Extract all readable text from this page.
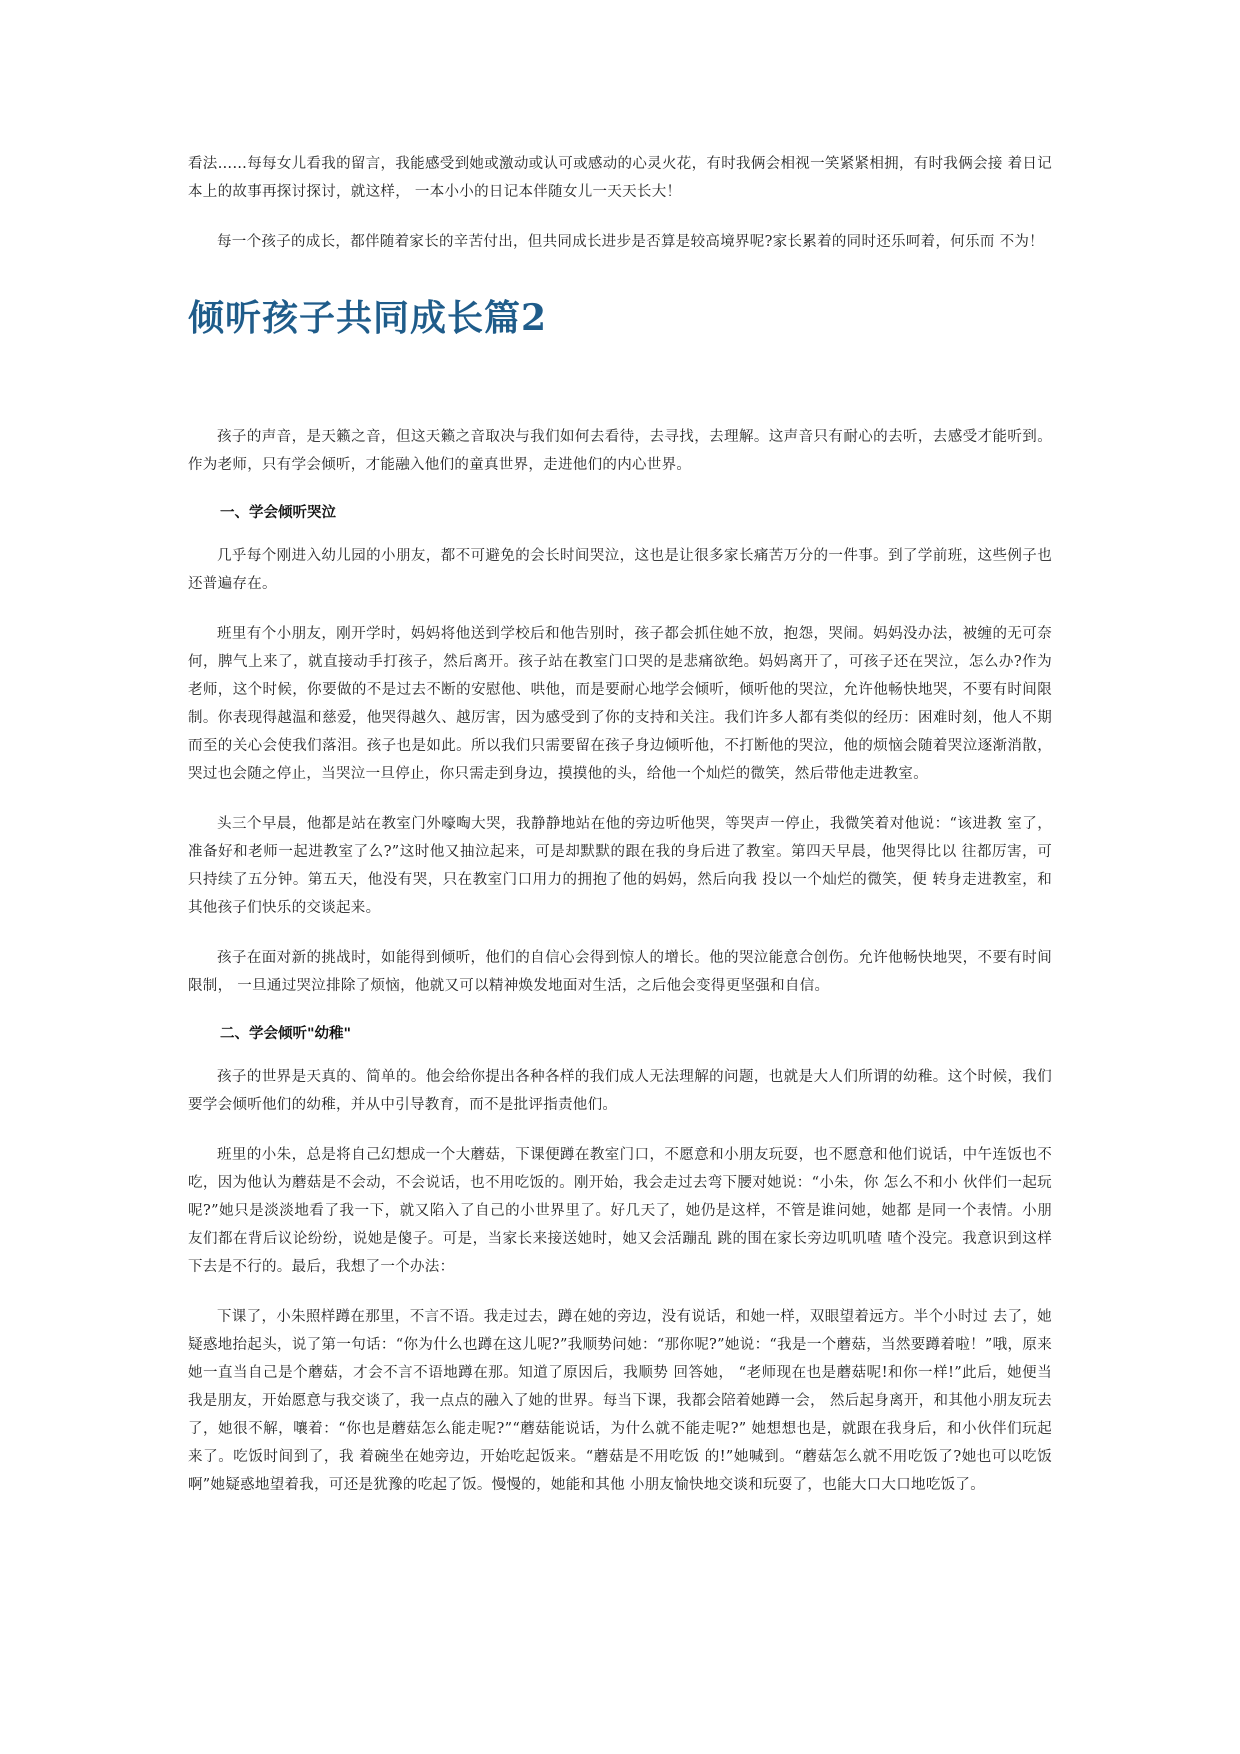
看法……每每女儿看我的留言，我能感受到她或激动或认可或感动的心灵火花，有时我俩会相视一笑紧紧相拥，有时我俩会接 着日记本上的故事再探讨探讨，就这样， 一本小小的日记本伴随女儿一天天长大！

每一个孩子的成长，都伴随着家长的辛苦付出，但共同成长进步是否算是较高境界呢?家长累着的同时还乐呵着，何乐而 不为！

倾听孩子共同成长篇2

孩子的声音，是天籁之音，但这天籁之音取决与我们如何去看待，去寻找，去理解。这声音只有耐心的去听，去感受才能听到。作为老师，只有学会倾听，才能融入他们的童真世界，走进他们的内心世界。

一、学会倾听哭泣

几乎每个刚进入幼儿园的小朋友，都不可避免的会长时间哭泣，这也是让很多家长痛苦万分的一件事。到了学前班，这些例子也还普遍存在。

班里有个小朋友，刚开学时，妈妈将他送到学校后和他告别时，孩子都会抓住她不放，抱怨，哭闹。妈妈没办法，被缠的无可奈何，脾气上来了，就直接动手打孩子，然后离开。孩子站在教室门口哭的是悲痛欲绝。妈妈离开了，可孩子还在哭泣，怎么办?作为老师，这个时候，你要做的不是过去不断的安慰他、哄他，而是要耐心地学会倾听，倾听他的哭泣，允许他畅快地哭，不要有时间限制。你表现得越温和慈爱，他哭得越久、越厉害，因为感受到了你的支持和关注。我们许多人都有类似的经历：困难时刻，他人不期而至的关心会使我们落泪。孩子也是如此。所以我们只需要留在孩子身边倾听他，不打断他的哭泣，他的烦恼会随着哭泣逐渐消散，哭过也会随之停止，当哭泣一旦停止，你只需走到身边，摸摸他的头，给他一个灿烂的微笑，然后带他走进教室。

头三个早晨，他都是站在教室门外嚎啕大哭，我静静地站在他的旁边听他哭，等哭声一停止，我微笑着对他说：“该进教 室了，准备好和老师一起进教室了么?”这时他又抽泣起来，可是却默默的跟在我的身后进了教室。第四天早晨，他哭得比以 往都厉害，可只持续了五分钟。第五天，他没有哭，只在教室门口用力的拥抱了他的妈妈，然后向我 投以一个灿烂的微笑，便 转身走进教室，和其他孩子们快乐的交谈起来。

孩子在面对新的挑战时，如能得到倾听，他们的自信心会得到惊人的增长。他的哭泣能意合创伤。允许他畅快地哭，不要有时间限制， 一旦通过哭泣排除了烦恼，他就又可以精神焕发地面对生活，之后他会变得更坚强和自信。

二、学会倾听"幼稚"

孩子的世界是天真的、简单的。他会给你提出各种各样的我们成人无法理解的问题，也就是大人们所谓的幼稚。这个时候，我们要学会倾听他们的幼稚，并从中引导教育，而不是批评指责他们。

班里的小朱，总是将自己幻想成一个大蘑菇，下课便蹲在教室门口，不愿意和小朋友玩耍，也不愿意和他们说话，中午连饭也不吃，因为他认为蘑菇是不会动，不会说话，也不用吃饭的。刚开始，我会走过去弯下腰对她说：“小朱，你 怎么不和小 伙伴们一起玩呢?”她只是淡淡地看了我一下，就又陷入了自己的小世界里了。好几天了，她仍是这样，不管是谁问她，她都 是同一个表情。小朋友们都在背后议论纷纷，说她是傻子。可是，当家长来接送她时，她又会活蹦乱 跳的围在家长旁边叽叽喳 喳个没完。我意识到这样下去是不行的。最后，我想了一个办法：

下课了，小朱照样蹲在那里，不言不语。我走过去，蹲在她的旁边，没有说话，和她一样，双眼望着远方。半个小时过 去了，她疑惑地抬起头，说了第一句话：“你为什么也蹲在这儿呢?”我顺势问她：“那你呢?”她说：“我是一个蘑菇，当然要蹲着啦！”哦，原来她一直当自己是个蘑菇，才会不言不语地蹲在那。知道了原因后，我顺势 回答她， “老师现在也是蘑菇呢!和你一样!”此后，她便当我是朋友，开始愿意与我交谈了，我一点点的融入了她的世界。每当下课，我都会陪着她蹲一会， 然后起身离开，和其他小朋友玩去了，她很不解，嚷着：“你也是蘑菇怎么能走呢?”“蘑菇能说话，为什么就不能走呢?” 她想想也是，就跟在我身后，和小伙伴们玩起来了。吃饭时间到了，我 着碗坐在她旁边，开始吃起饭来。“蘑菇是不用吃饭 的!”她喊到。“蘑菇怎么就不用吃饭了?她也可以吃饭啊”她疑惑地望着我，可还是犹豫的吃起了饭。慢慢的，她能和其他 小朋友愉快地交谈和玩耍了，也能大口大口地吃饭了。
